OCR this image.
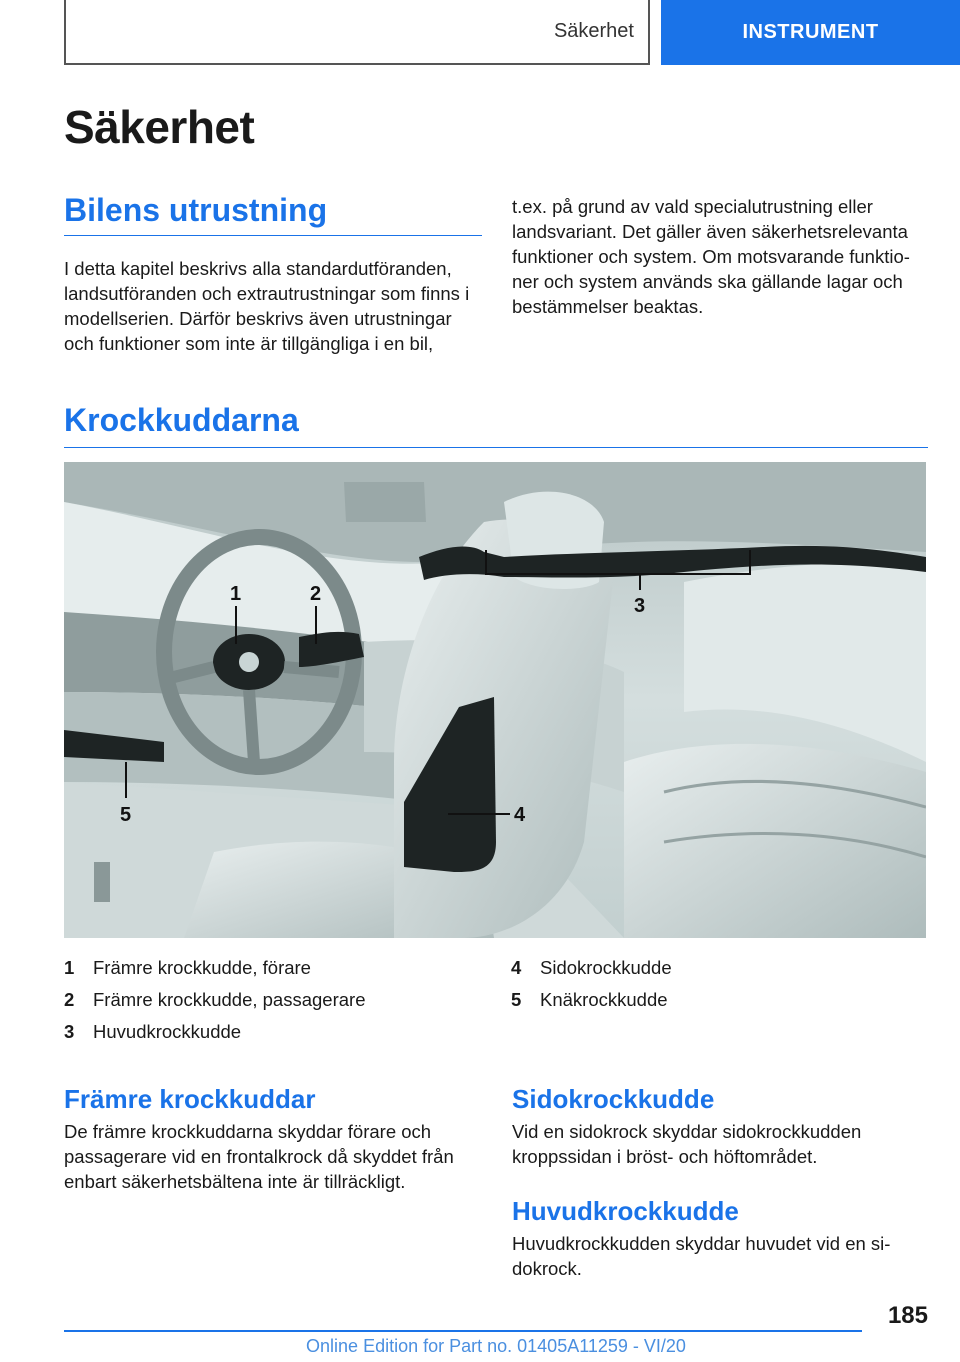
Säkerhet	INSTRUMENT
Säkerhet
Bilens utrustning

I detta kapitel beskrivs alla standardutföranden, landsutföranden och extrautrustningar som finns i modellserien. Därför beskrivs även utrustningar och funktioner som inte är tillgängliga i en bil,

t.ex. på grund av vald specialutrustning eller landsvariant. Det gäller även säkerhetsrelevanta funktioner och system. Om motsvarande funktioner och system används ska gällande lagar och bestämmelser beaktas.

Krockkuddarna
1	2
3
4
5
1	Främre krockkudde, förare
2	Främre krockkudde, passagerare
3	Huvudkrockkudde
4	Sidokrockkudde
5	Knäkrockkudde
Främre krockkuddar

De främre krockkuddarna skyddar förare och passagerare vid en frontalkrock då skyddet från enbart säkerhetsbältena inte är tillräckligt.

Sidokrockkudde

Vid en sidokrock skyddar sidokrockkudden kroppssidan i bröst- och höftområdet.

Huvudkrockkudde

Huvudkrockkudden skyddar huvudet vid en sidokrock.

185
Online Edition for Part no. 01405A11259 - VI/20
